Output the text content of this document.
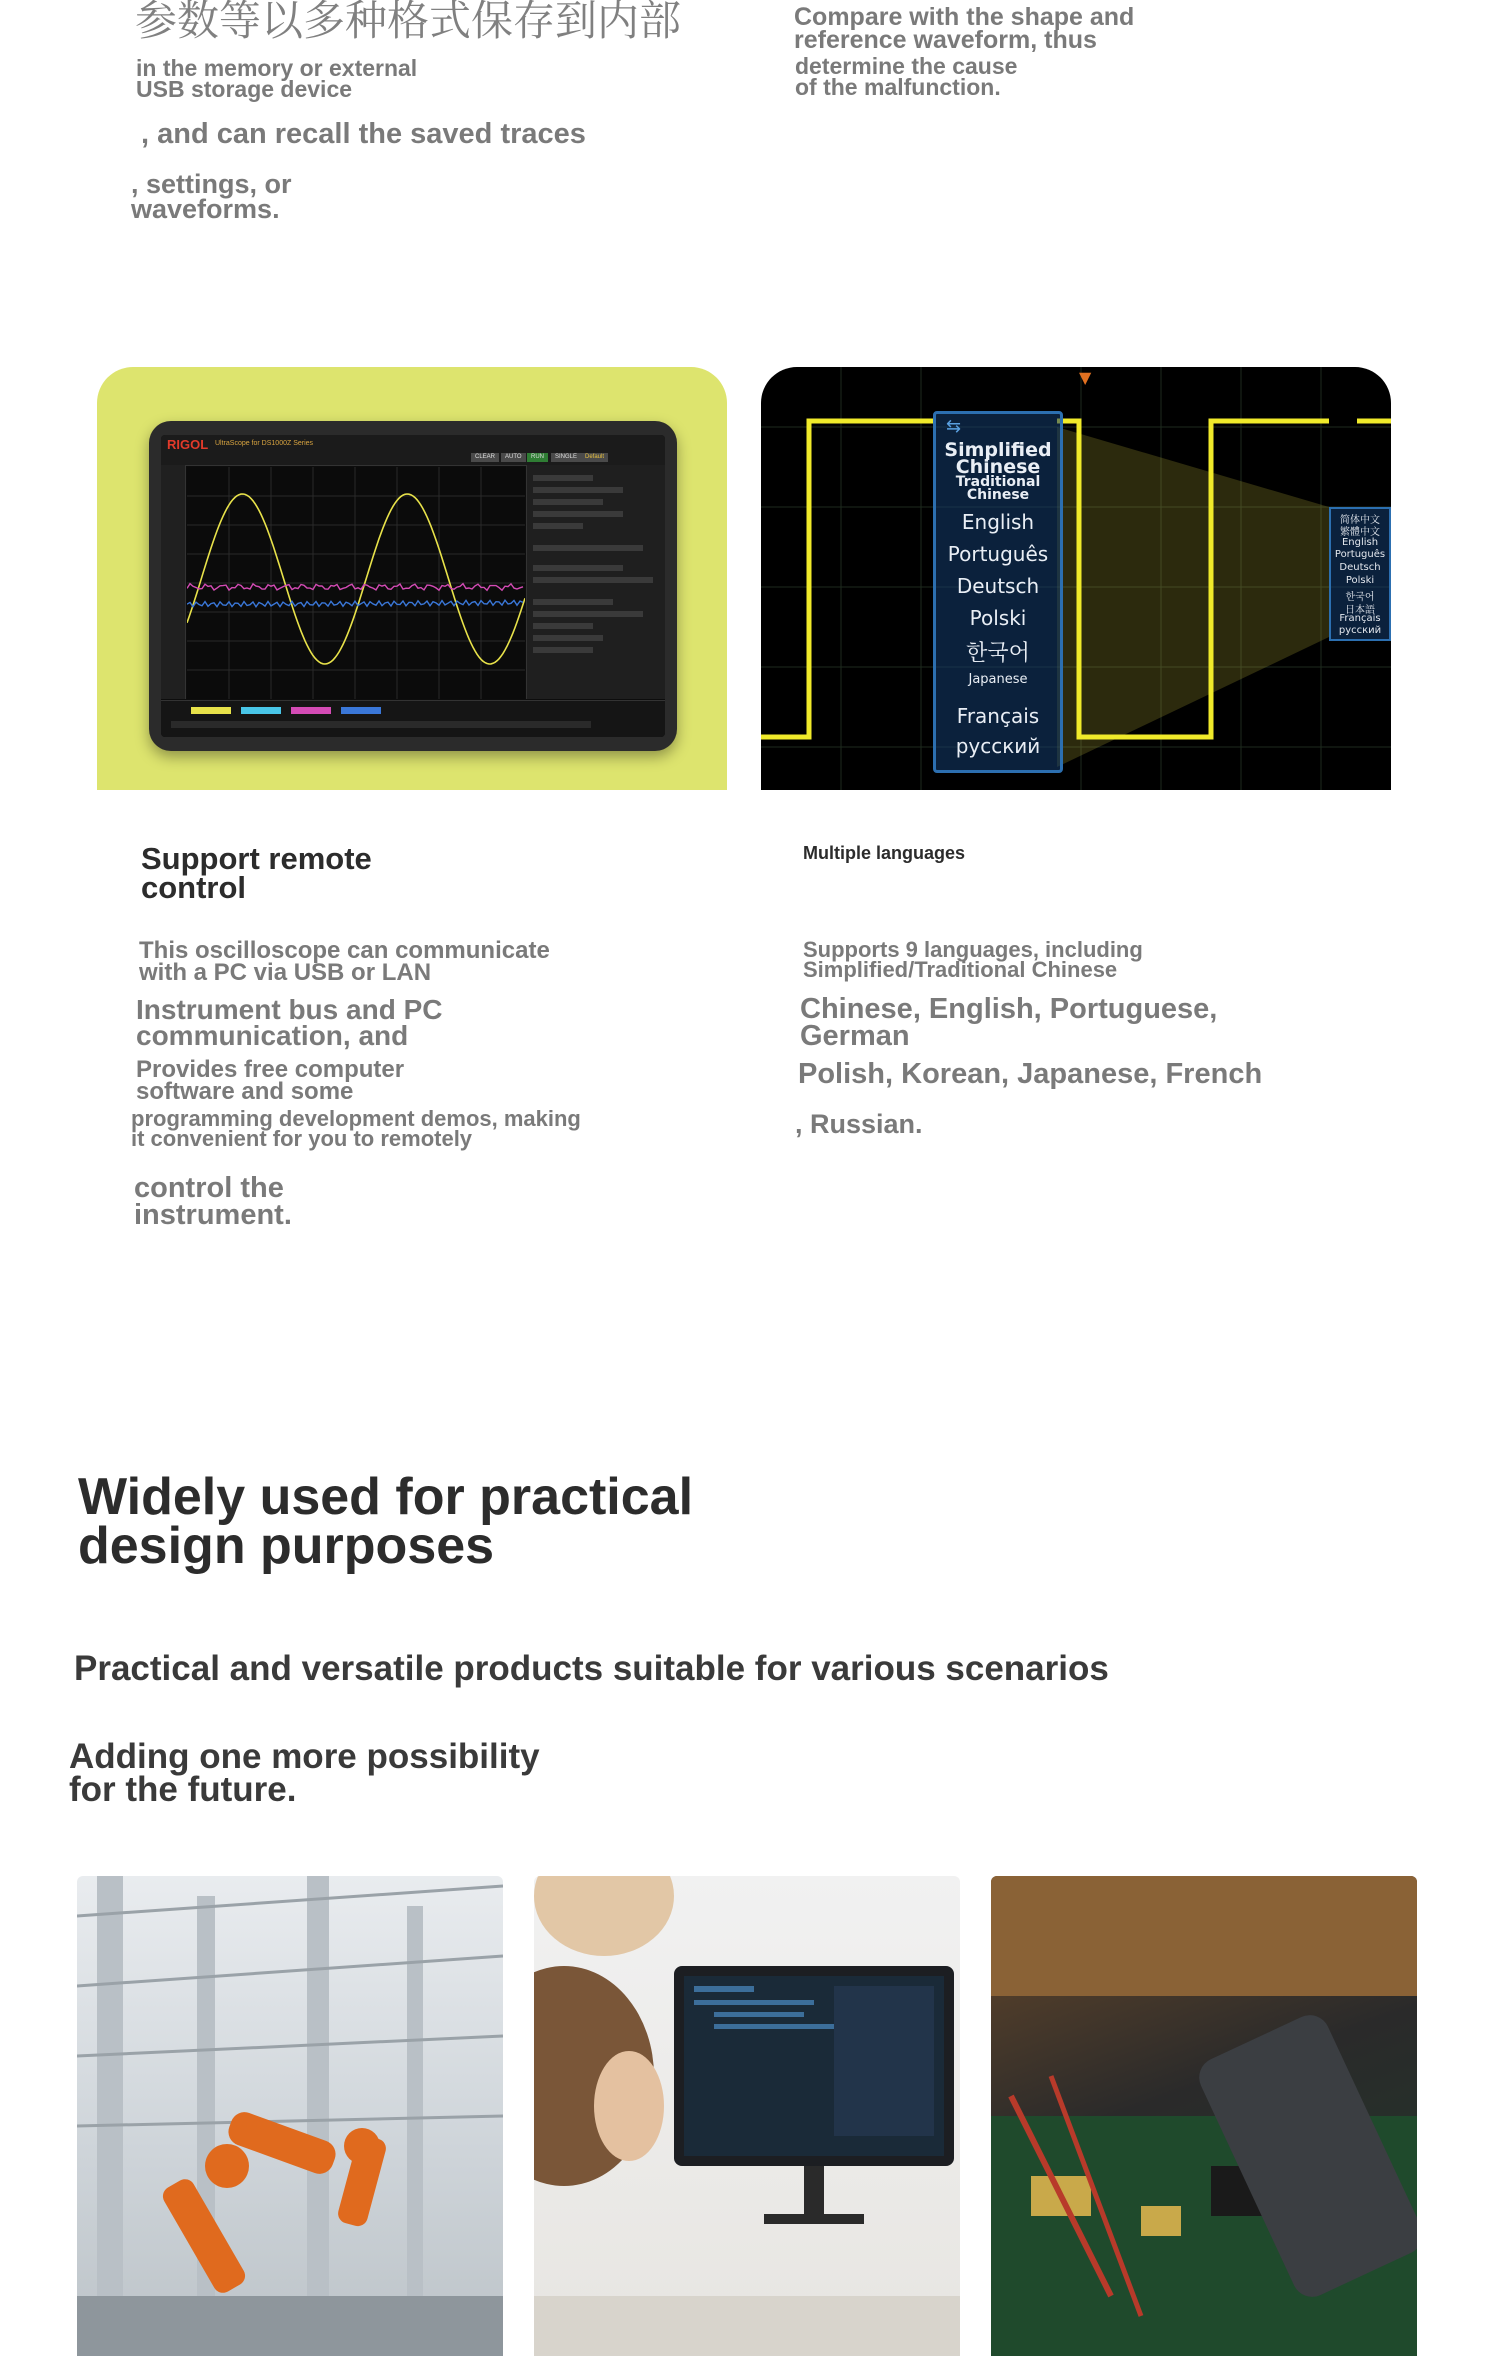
参数等以多种格式保存到内部
in the memory or external
USB storage device
, and can recall the saved traces
, settings, or
waveforms.
Compare with the shape and
reference waveform, thus
determine the cause
of the malfunction.
RIGOL UltraScope for DS1000Z Series
CLEAR	AUTO	RUN	SINGLE	Default
▼
⇆
Simplified Chinese
Traditional Chinese
English
Português
Deutsch
Polski
한국어
Japanese
Français
русский
简体中文
繁體中文
English
Português
Deutsch
Polski
한국어
日本語
Français
русский
Support remote
control
This oscilloscope can communicate
with a PC via USB or LAN
Instrument bus and PC
communication, and
Provides free computer
software and some
programming development demos, making
it convenient for you to remotely
control the
instrument.
Multiple languages
Supports 9 languages, including
Simplified/Traditional Chinese
Chinese, English, Portuguese,
German
Polish, Korean, Japanese, French
, Russian.
Widely used for practical
design purposes
Practical and versatile products suitable for various scenarios
Adding one more possibility
for the future.
